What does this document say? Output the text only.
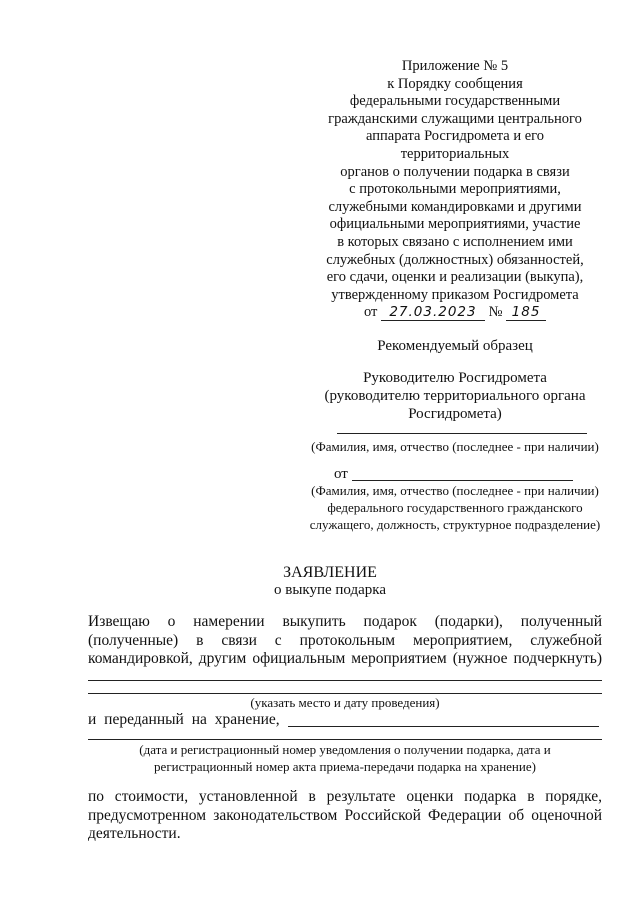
Приложение № 5
к Порядку сообщения
федеральными государственными
гражданскими служащими центрального
аппарата Росгидромета и его
территориальных
органов о получении подарка в связи
с протокольными мероприятиями,
служебными командировками и другими
официальными мероприятиями, участие
в которых связано с исполнением ими
служебных (должностных) обязанностей,
его сдачи, оценки и реализации (выкупа),
утвержденному приказом Росгидромета
от 27.03.2023 № 185
Рекомендуемый образец
Руководителю Росгидромета
(руководителю территориального органа
Росгидромета)
(Фамилия, имя, отчество (последнее - при наличии)
от
(Фамилия, имя, отчество (последнее - при наличии)
федерального государственного гражданского
служащего, должность, структурное подразделение)
ЗАЯВЛЕНИЕ
о выкупе подарка
Извещаю о намерении выкупить подарок (подарки), полученный
(полученные) в связи с протокольным мероприятием, служебной
командировкой, другим официальным мероприятием (нужное подчеркнуть)
(указать место и дату проведения)
и переданный на хранение,
(дата и регистрационный номер уведомления о получении подарка, дата и
регистрационный номер акта приема-передачи подарка на хранение)
по стоимости, установленной в результате оценки подарка в порядке,
предусмотренном законодательством Российской Федерации об оценочной
деятельности.
